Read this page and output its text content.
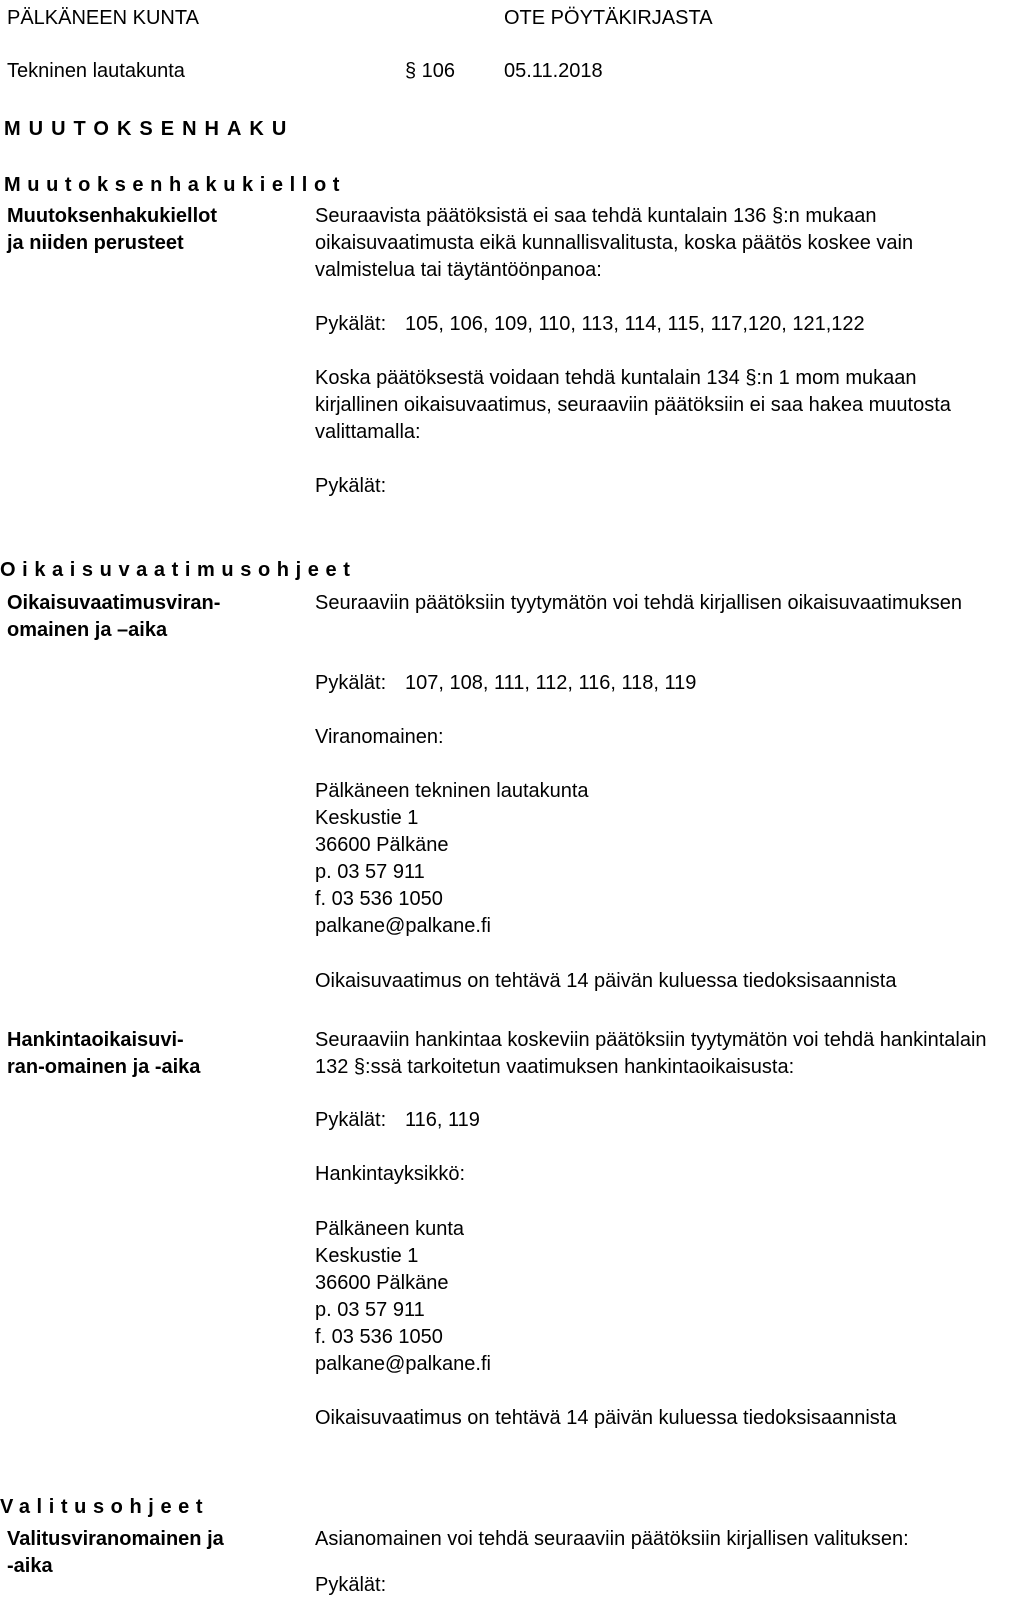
PÄLKÄNEEN KUNTA	OTE PÖYTÄKIRJASTA
Tekninen lautakunta	§ 106 05.11.2018
MUUTOKSENHAKU
Muutoksenhakukiellot
Muutoksenhakukiellot
ja niiden perusteet
Seuraavista päätöksistä ei saa tehdä kuntalain 136 §:n mukaan oikaisuvaatimusta eikä kunnallisvalitusta, koska päätös koskee vain valmistelua tai täytäntöönpanoa:
Pykälät: 105, 106, 109, 110, 113, 114, 115, 117,120, 121,122
Koska päätöksestä voidaan tehdä kuntalain 134 §:n 1 mom mukaan kirjallinen oikaisuvaatimus, seuraaviin päätöksiin ei saa hakea muutosta valittamalla:
Pykälät:
Oikaisuvaatimusohjeet
Oikaisuvaatimusviran-
omainen ja –aika
Seuraaviin päätöksiin tyytymätön voi tehdä kirjallisen oikaisuvaatimuksen
Pykälät: 107, 108, 111, 112, 116, 118, 119
Viranomainen:
Pälkäneen tekninen lautakunta
Keskustie 1
36600 Pälkäne
p. 03 57 911
f. 03 536 1050
palkane@palkane.fi
Oikaisuvaatimus on tehtävä 14 päivän kuluessa tiedoksisaannista
Hankintaoikaisuvi-
ran-omainen ja -aika
Seuraaviin hankintaa koskeviin päätöksiin tyytymätön voi tehdä hankintalain 132 §:ssä tarkoitetun vaatimuksen hankintaoikaisusta:
Pykälät: 116, 119
Hankintayksikkö:
Pälkäneen kunta
Keskustie 1
36600 Pälkäne
p. 03 57 911
f. 03 536 1050
palkane@palkane.fi
Oikaisuvaatimus on tehtävä 14 päivän kuluessa tiedoksisaannista
Valitusohjeet
Valitusviranomainen ja
-aika
Asianomainen voi tehdä seuraaviin päätöksiin kirjallisen valituksen:
Pykälät:
